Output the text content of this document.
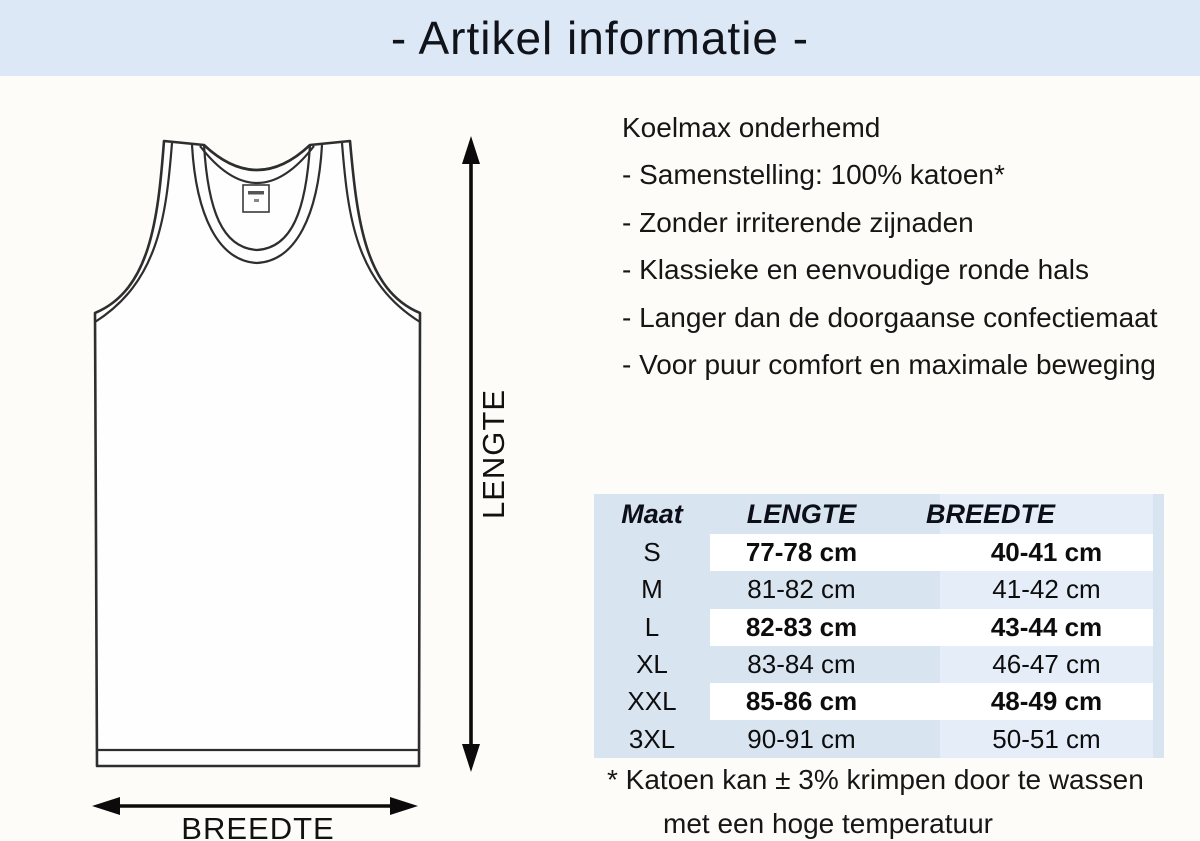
- Artikel informatie -
LENGTE
BREEDTE
Koelmax onderhemd
- Samenstelling: 100% katoen*
- Zonder irriterende zijnaden
- Klassieke en eenvoudige ronde hals
- Langer dan de doorgaanse confectiemaat
- Voor puur comfort en maximale beweging
Maat	LENGTE	BREEDTE
S	77-78 cm	40-41 cm
M	81-82 cm	41-42 cm
L	82-83 cm	43-44 cm
XL	83-84 cm	46-47 cm
XXL	85-86 cm	48-49 cm
3XL	90-91 cm	50-51 cm
* Katoen kan ± 3% krimpen door te wassen
met een hoge temperatuur
